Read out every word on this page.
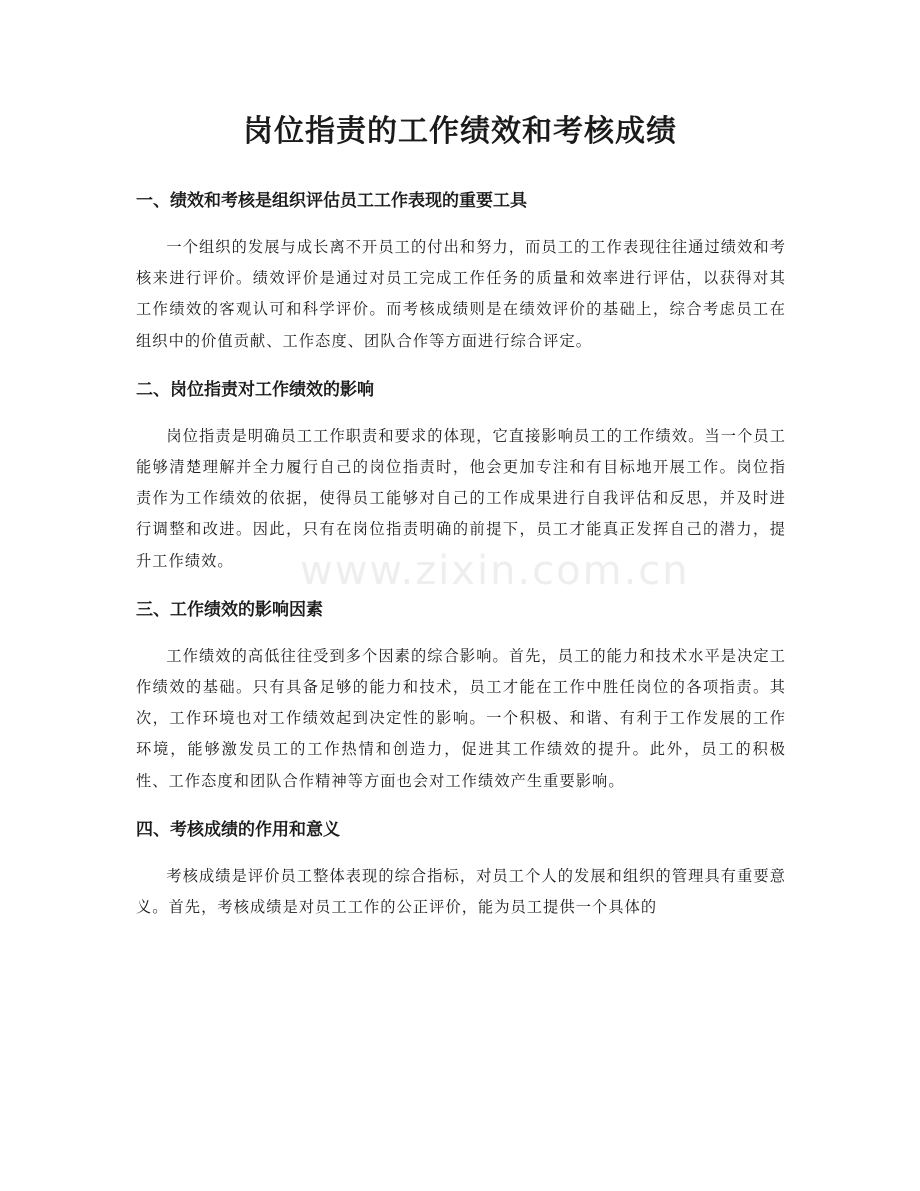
岗位指责的工作绩效和考核成绩
www.zixin.com.cn
一、绩效和考核是组织评估员工工作表现的重要工具

一个组织的发展与成长离不开员工的付出和努力，而员工的工作表现往往通过绩效和考核来进行评价。绩效评价是通过对员工完成工作任务的质量和效率进行评估，以获得对其工作绩效的客观认可和科学评价。而考核成绩则是在绩效评价的基础上，综合考虑员工在组织中的价值贡献、工作态度、团队合作等方面进行综合评定。

二、岗位指责对工作绩效的影响

岗位指责是明确员工工作职责和要求的体现，它直接影响员工的工作绩效。当一个员工能够清楚理解并全力履行自己的岗位指责时，他会更加专注和有目标地开展工作。岗位指责作为工作绩效的依据，使得员工能够对自己的工作成果进行自我评估和反思，并及时进行调整和改进。因此，只有在岗位指责明确的前提下，员工才能真正发挥自己的潜力，提升工作绩效。

三、工作绩效的影响因素

工作绩效的高低往往受到多个因素的综合影响。首先，员工的能力和技术水平是决定工作绩效的基础。只有具备足够的能力和技术，员工才能在工作中胜任岗位的各项指责。其次，工作环境也对工作绩效起到决定性的影响。一个积极、和谐、有利于工作发展的工作环境，能够激发员工的工作热情和创造力，促进其工作绩效的提升。此外，员工的积极性、工作态度和团队合作精神等方面也会对工作绩效产生重要影响。

四、考核成绩的作用和意义

考核成绩是评价员工整体表现的综合指标，对员工个人的发展和组织的管理具有重要意义。首先，考核成绩是对员工工作的公正评价，能为员工提供一个具体的
